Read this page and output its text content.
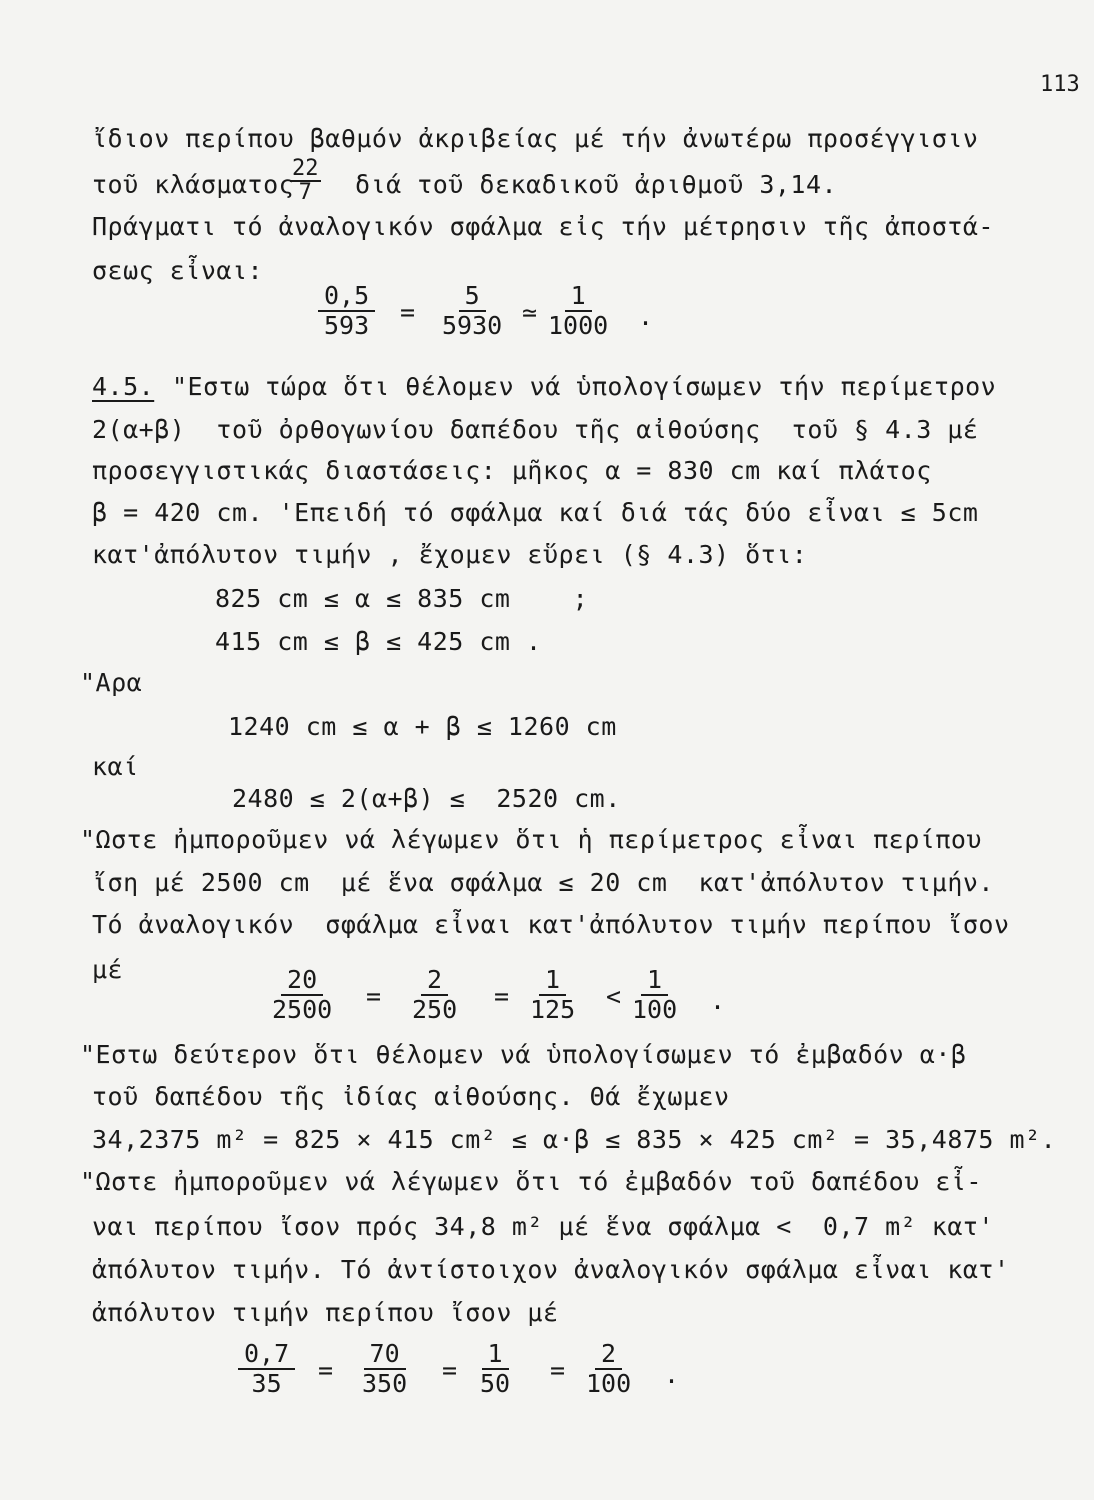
113
ἴδιον περίπου βαθμόν ἀκριβείας μέ τήν ἀνωτέρω προσέγγισιν
τοῦ κλάσματος
$\frac{22}{7}$ διά τοῦ δεκαδικοῦ ἀριθμοῦ 3,14.
Πράγματι τό ἀναλογικόν σφάλμα εἰς τήν μέτρησιν τῆς ἀποστά-
σεως εἶναι:
$\frac{0,5}{593} = \frac{5}{5930}$ ≃ $\frac{1}{1000}$ .
4.5. "Εστω τώρα ὅτι θέλομεν νά ὑπολογίσωμεν τήν περίμετρον
2(α+β)  τοῦ ὀρθογωνίου δαπέδου τῆς αἰθούσης  τοῦ § 4.3 μέ
προσεγγιστικάς διαστάσεις: μῆκος α = 830 cm καί πλάτος
β = 420 cm. 'Επειδή τό σφάλμα καί διά τάς δύο εἶναι ≤ 5cm
κατ'ἀπόλυτον τιμήν , ἔχομεν εὕρει (§ 4.3) ὅτι:
825 cm ≤ α ≤ 835 cm    ;
415 cm ≤ β ≤ 425 cm .
"Αρα
1240 cm ≤ α + β ≤ 1260 cm
καί
2480 ≤ 2(α+β) ≤  2520 cm.
"Ωστε ἠμποροῦμεν νά λέγωμεν ὅτι ἡ περίμετρος εἶναι περίπου
ἴση μέ 2500 cm  μέ ἕνα σφάλμα ≤ 20 cm  κατ'ἀπόλυτον τιμήν.
Τό ἀναλογικόν  σφάλμα εἶναι κατ'ἀπόλυτον τιμήν περίπου ἴσον
μέ	$\frac{20}{2500} = \frac{2}{250} = \frac{1}{125} < \frac{1}{100}$ .
"Εστω δεύτερον ὅτι θέλομεν νά ὑπολογίσωμεν τό ἐμβαδόν α·β
τοῦ δαπέδου τῆς ἰδίας αἰθούσης. Θά ἔχωμεν
34,2375 m² = 825 × 415 cm² ≤ α·β ≤ 835 × 425 cm² = 35,4875 m².
"Ωστε ἠμποροῦμεν νά λέγωμεν ὅτι τό ἐμβαδόν τοῦ δαπέδου εἶ-
ναι περίπου ἴσον πρός 34,8 m² μέ ἕνα σφάλμα <  0,7 m² κατ'
ἀπόλυτον τιμήν. Τό ἀντίστοιχον ἀναλογικόν σφάλμα εἶναι κατ'
ἀπόλυτον τιμήν περίπου ἴσον μέ
$\frac{0,7}{35} = \frac{70}{350} = \frac{1}{50} = \frac{2}{100}$ .
